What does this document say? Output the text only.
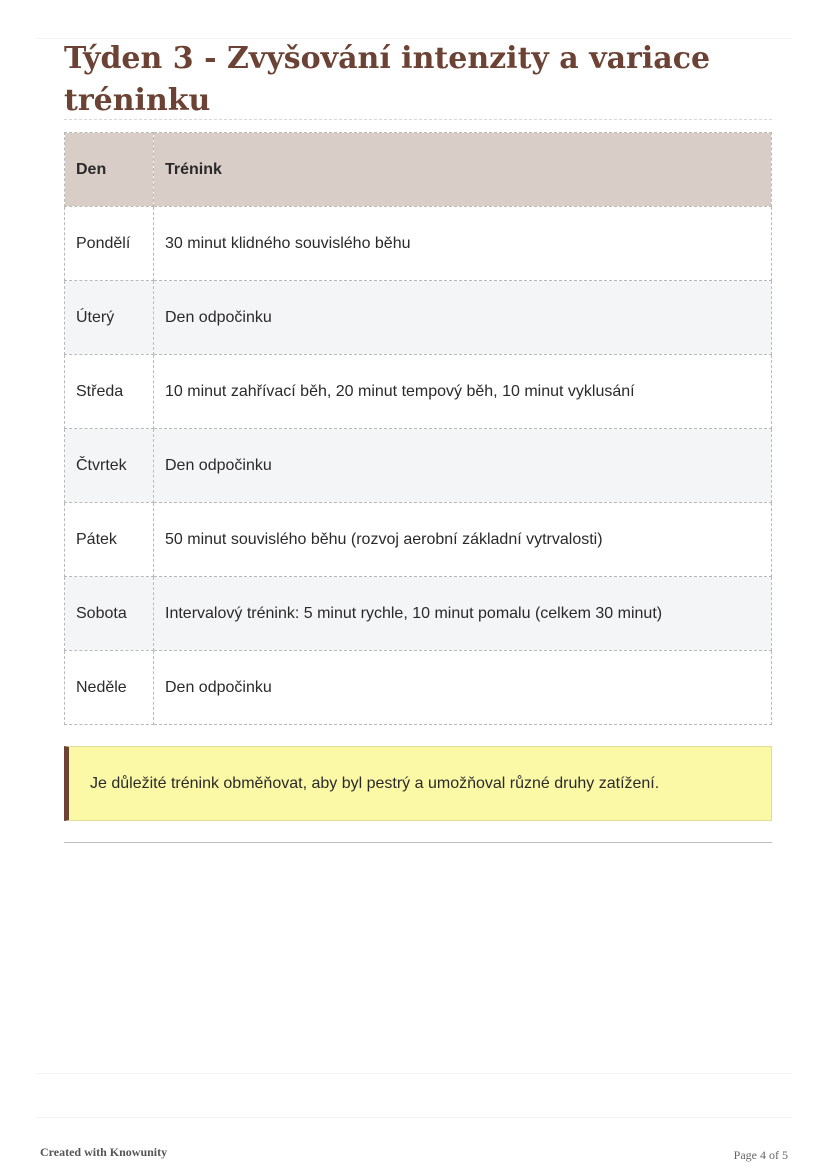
Týden 3 - Zvyšování intenzity a variace tréninku
Den	Trénink
Pondělí	30 minut klidného souvislého běhu
Úterý	Den odpočinku
Středa	10 minut zahřívací běh, 20 minut tempový běh, 10 minut vyklusání
Čtvrtek	Den odpočinku
Pátek	50 minut souvislého běhu (rozvoj aerobní základní vytrvalosti)
Sobota	Intervalový trénink: 5 minut rychle, 10 minut pomalu (celkem 30 minut)
Neděle	Den odpočinku
Je důležité trénink obměňovat, aby byl pestrý a umožňoval různé druhy zatížení.
Created with Knowunity	Page 4 of 5
